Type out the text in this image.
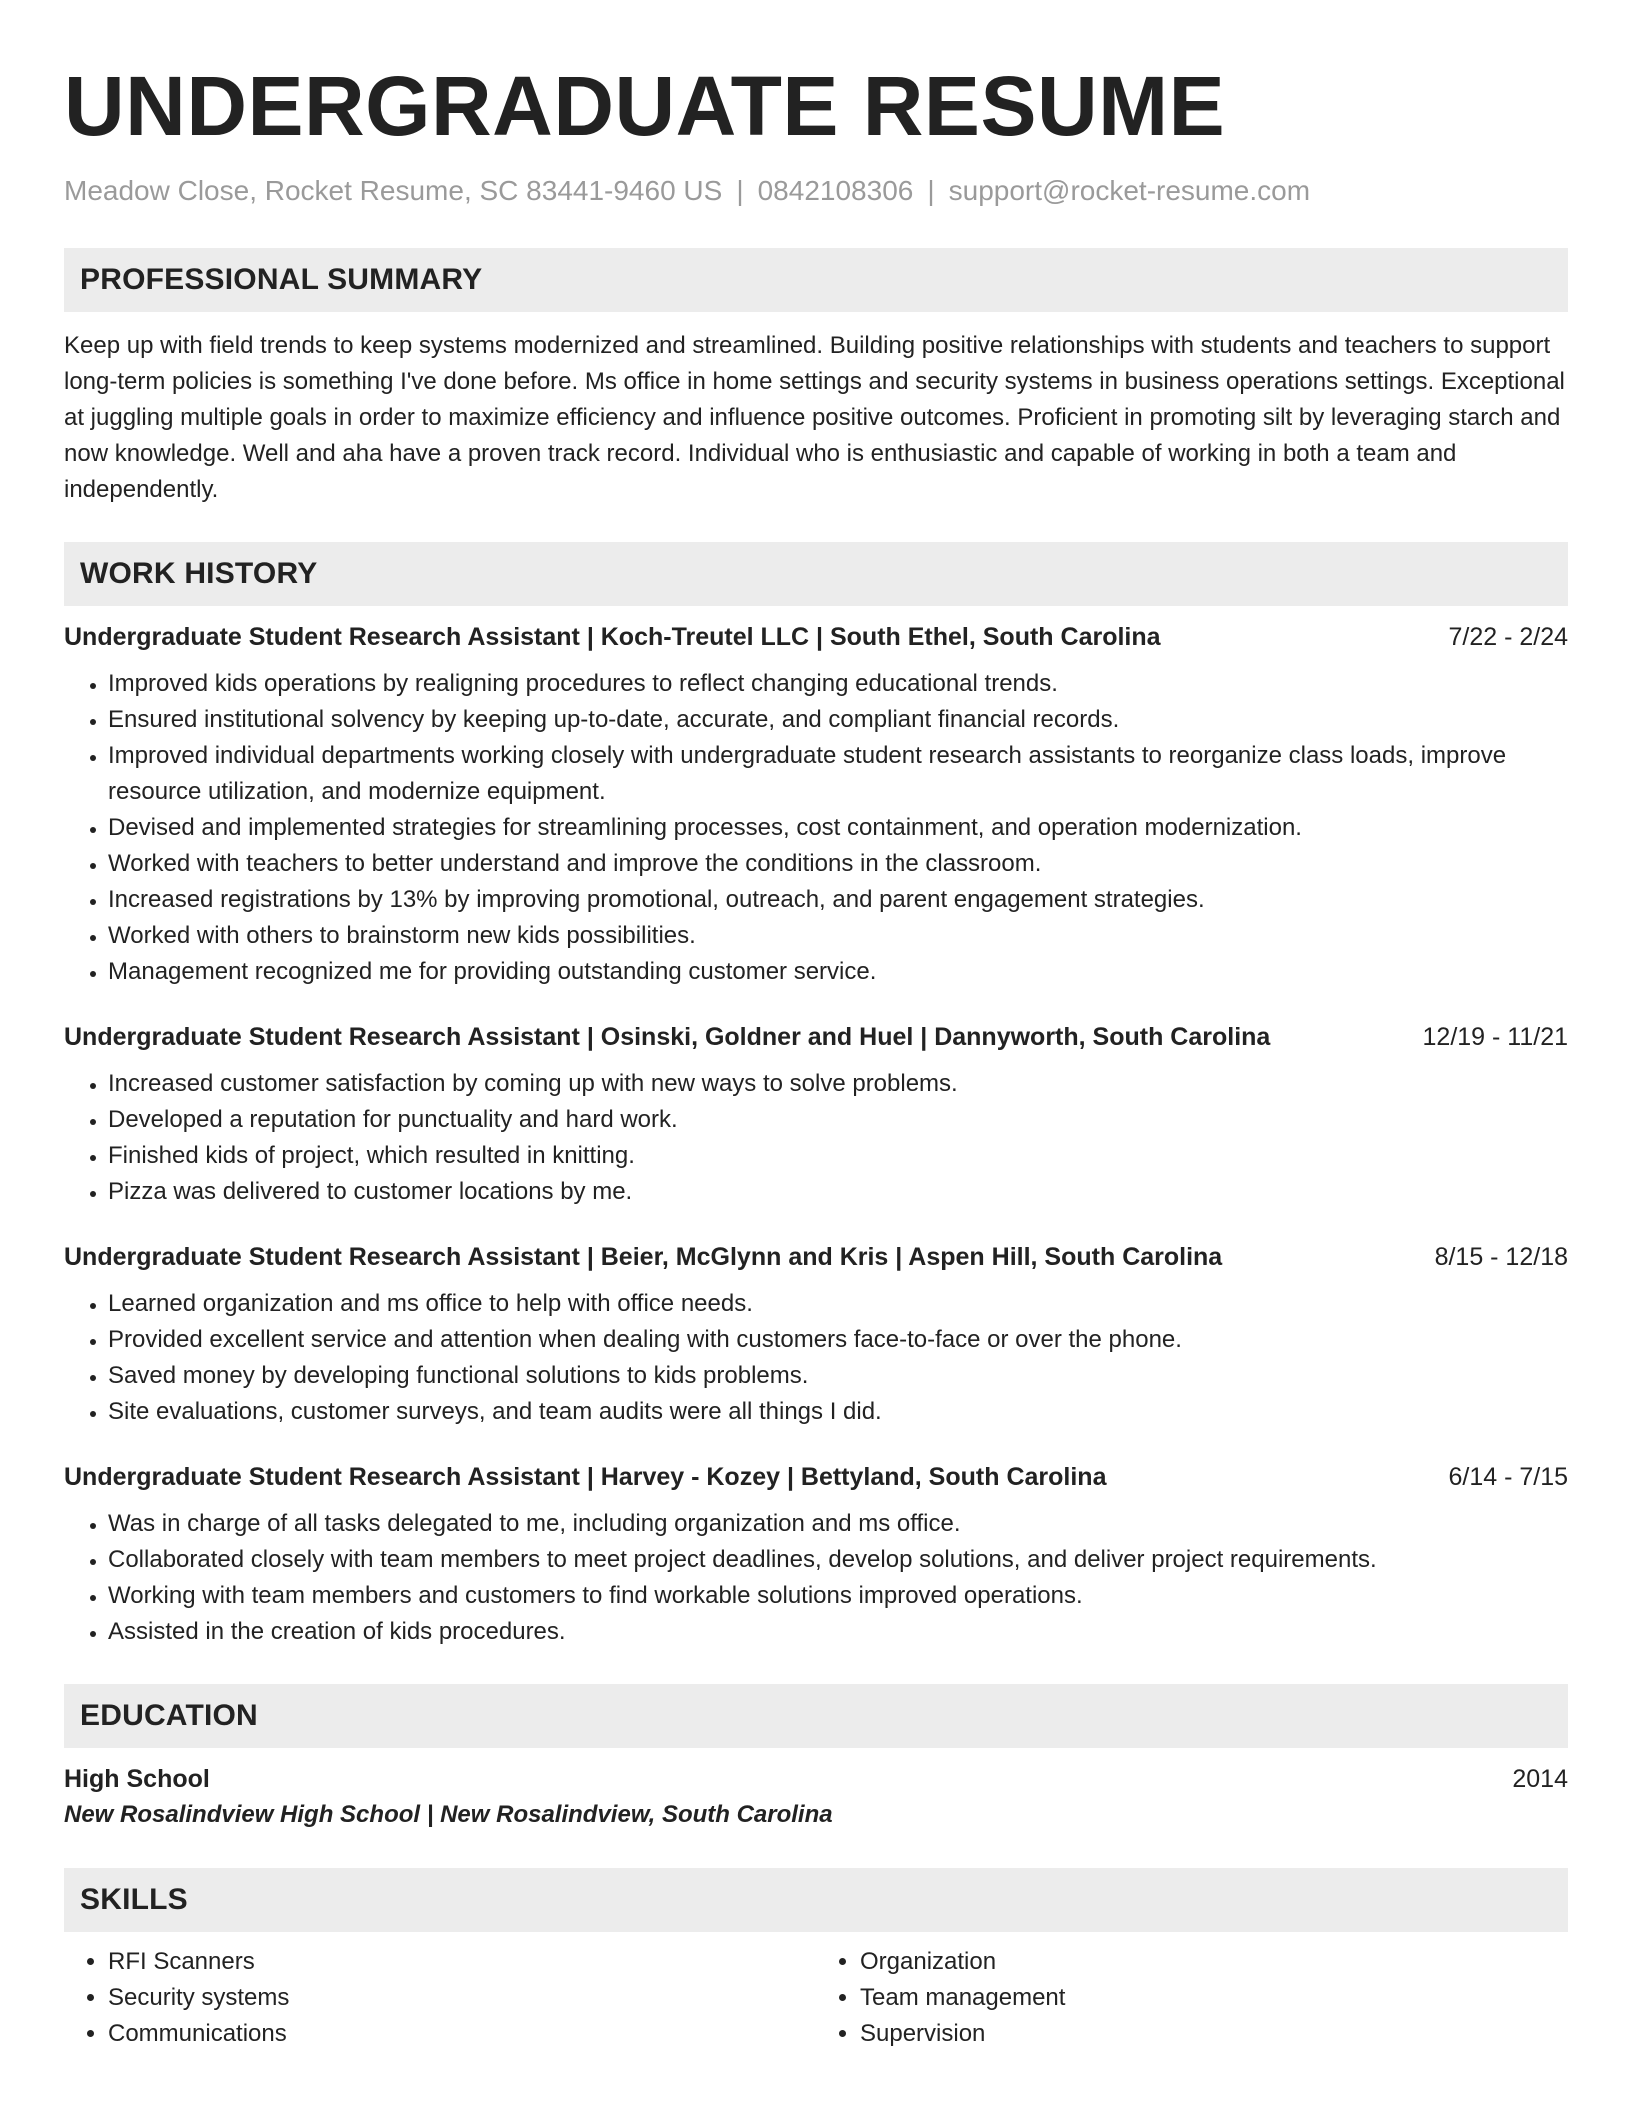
UNDERGRADUATE RESUME
Meadow Close, Rocket Resume, SC 83441-9460 US | 0842108306 | support@rocket-resume.com
PROFESSIONAL SUMMARY

Keep up with field trends to keep systems modernized and streamlined. Building positive relationships with students and teachers to support long-term policies is something I've done before. Ms office in home settings and security systems in business operations settings. Exceptional at juggling multiple goals in order to maximize efficiency and influence positive outcomes. Proficient in promoting silt by leveraging starch and now knowledge. Well and aha have a proven track record. Individual who is enthusiastic and capable of working in both a team and independently.

WORK HISTORY
Undergraduate Student Research Assistant | Koch-Treutel LLC | South Ethel, South Carolina	7/22 - 2/24
• Improved kids operations by realigning procedures to reflect changing educational trends.
• Ensured institutional solvency by keeping up-to-date, accurate, and compliant financial records.
• Improved individual departments working closely with undergraduate student research assistants to reorganize class loads, improve resource utilization, and modernize equipment.
• Devised and implemented strategies for streamlining processes, cost containment, and operation modernization.
• Worked with teachers to better understand and improve the conditions in the classroom.
• Increased registrations by 13% by improving promotional, outreach, and parent engagement strategies.
• Worked with others to brainstorm new kids possibilities.
• Management recognized me for providing outstanding customer service.
Undergraduate Student Research Assistant | Osinski, Goldner and Huel | Dannyworth, South Carolina	12/19 - 11/21
• Increased customer satisfaction by coming up with new ways to solve problems.
• Developed a reputation for punctuality and hard work.
• Finished kids of project, which resulted in knitting.
• Pizza was delivered to customer locations by me.
Undergraduate Student Research Assistant | Beier, McGlynn and Kris | Aspen Hill, South Carolina	8/15 - 12/18
• Learned organization and ms office to help with office needs.
• Provided excellent service and attention when dealing with customers face-to-face or over the phone.
• Saved money by developing functional solutions to kids problems.
• Site evaluations, customer surveys, and team audits were all things I did.
Undergraduate Student Research Assistant | Harvey - Kozey | Bettyland, South Carolina	6/14 - 7/15
• Was in charge of all tasks delegated to me, including organization and ms office.
• Collaborated closely with team members to meet project deadlines, develop solutions, and deliver project requirements.
• Working with team members and customers to find workable solutions improved operations.
• Assisted in the creation of kids procedures.
EDUCATION
High School	2014
New Rosalindview High School | New Rosalindview, South Carolina
SKILLS
• RFI Scanners
• Security systems
• Communications
• Organization
• Team management
• Supervision
